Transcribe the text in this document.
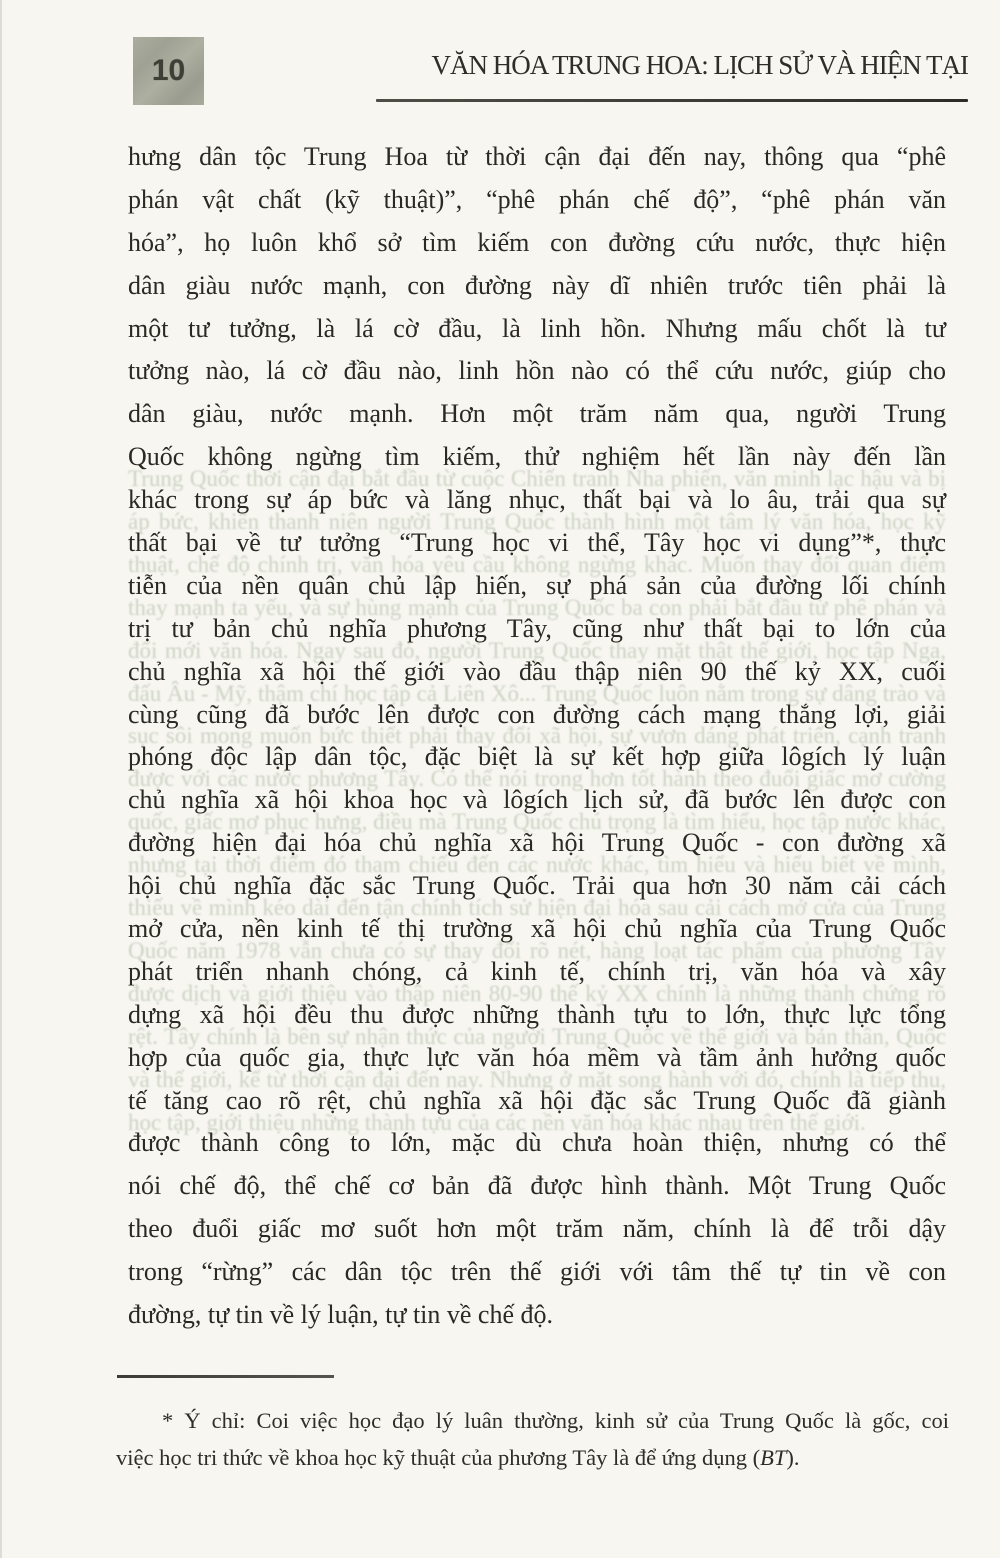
10	VĂN HÓA TRUNG HOA: LỊCH SỬ VÀ HIỆN TẠI
Trung Quốc thời cận đại bắt đầu từ cuộc Chiến tranh Nha phiến, văn minh lạc hậu và bị áp bức, khiến thanh niên người Trung Quốc thành hình một tâm lý văn hóa, học kỹ thuật, chế độ chính trị, văn hóa yêu cầu không ngừng khác. Muốn thay đổi quan điểm thay mạnh ta yếu, và sự hùng mạnh của Trung Quốc ba con phải bắt đầu từ phê phán và đổi mới văn hóa. Ngay sau đó, người Trung Quốc thay mặt thật thế giới, học tập Nga, đấu Âu - Mỹ, thậm chí học tập cả Liên Xô... Trung Quốc luôn nằm trong sự dâng trào và sục sôi mong muốn bức thiết phải thay đổi xã hội, sự vươn dáng phát triển, cạnh tranh được với các nước phương Tây. Có thể nói trong hơn tốt hành theo đuổi giấc mơ cường quốc, giấc mơ phục hưng, điều mà Trung Quốc chú trọng là tìm hiểu, học tập nước khác, nhưng tại thời điểm đó tham chiếu đến các nước khác, tìm hiểu và hiểu biết về mình, thiếu về mình kéo dài đến tận chính tích sử hiện đại hóa sau cải cách mở cửa của Trung Quốc năm 1978 vẫn chưa có sự thay đổi rõ nét, hàng loạt tác phẩm của phương Tây được dịch và giới thiệu vào thập niên 80-90 thế kỷ XX chính là những thành chứng rõ rệt. Tây chính là bên sự nhận thức của người Trung Quốc về thế giới và bản thân, Quốc và thế giới, kể từ thời cận đại đến nay. Nhưng ở mặt song hành với đó, chính là tiếp thu, học tập, giới thiệu những thành tựu của các nền văn hóa khác nhau trên thế giới.
hưng dân tộc Trung Hoa từ thời cận đại đến nay, thông qua “phê
phán vật chất (kỹ thuật)”, “phê phán chế độ”, “phê phán văn
hóa”, họ luôn khổ sở tìm kiếm con đường cứu nước, thực hiện
dân giàu nước mạnh, con đường này dĩ nhiên trước tiên phải là
một tư tưởng, là lá cờ đầu, là linh hồn. Nhưng mấu chốt là tư
tưởng nào, lá cờ đầu nào, linh hồn nào có thể cứu nước, giúp cho
dân giàu, nước mạnh. Hơn một trăm năm qua, người Trung
Quốc không ngừng tìm kiếm, thử nghiệm hết lần này đến lần
khác trong sự áp bức và lăng nhục, thất bại và lo âu, trải qua sự
thất bại về tư tưởng “Trung học vi thể, Tây học vi dụng”*, thực
tiễn của nền quân chủ lập hiến, sự phá sản của đường lối chính
trị tư bản chủ nghĩa phương Tây, cũng như thất bại to lớn của
chủ nghĩa xã hội thế giới vào đầu thập niên 90 thế kỷ XX, cuối
cùng cũng đã bước lên được con đường cách mạng thắng lợi, giải
phóng độc lập dân tộc, đặc biệt là sự kết hợp giữa lôgích lý luận
chủ nghĩa xã hội khoa học và lôgích lịch sử, đã bước lên được con
đường hiện đại hóa chủ nghĩa xã hội Trung Quốc - con đường xã
hội chủ nghĩa đặc sắc Trung Quốc. Trải qua hơn 30 năm cải cách
mở cửa, nền kinh tế thị trường xã hội chủ nghĩa của Trung Quốc
phát triển nhanh chóng, cả kinh tế, chính trị, văn hóa và xây
dựng xã hội đều thu được những thành tựu to lớn, thực lực tổng
hợp của quốc gia, thực lực văn hóa mềm và tầm ảnh hưởng quốc
tế tăng cao rõ rệt, chủ nghĩa xã hội đặc sắc Trung Quốc đã giành
được thành công to lớn, mặc dù chưa hoàn thiện, nhưng có thể
nói chế độ, thể chế cơ bản đã được hình thành. Một Trung Quốc
theo đuổi giấc mơ suốt hơn một trăm năm, chính là để trỗi dậy
trong “rừng” các dân tộc trên thế giới với tâm thế tự tin về con
đường, tự tin về lý luận, tự tin về chế độ.
* Ý chỉ: Coi việc học đạo lý luân thường, kinh sử của Trung Quốc là gốc, coi
việc học tri thức về khoa học kỹ thuật của phương Tây là để ứng dụng (BT).
